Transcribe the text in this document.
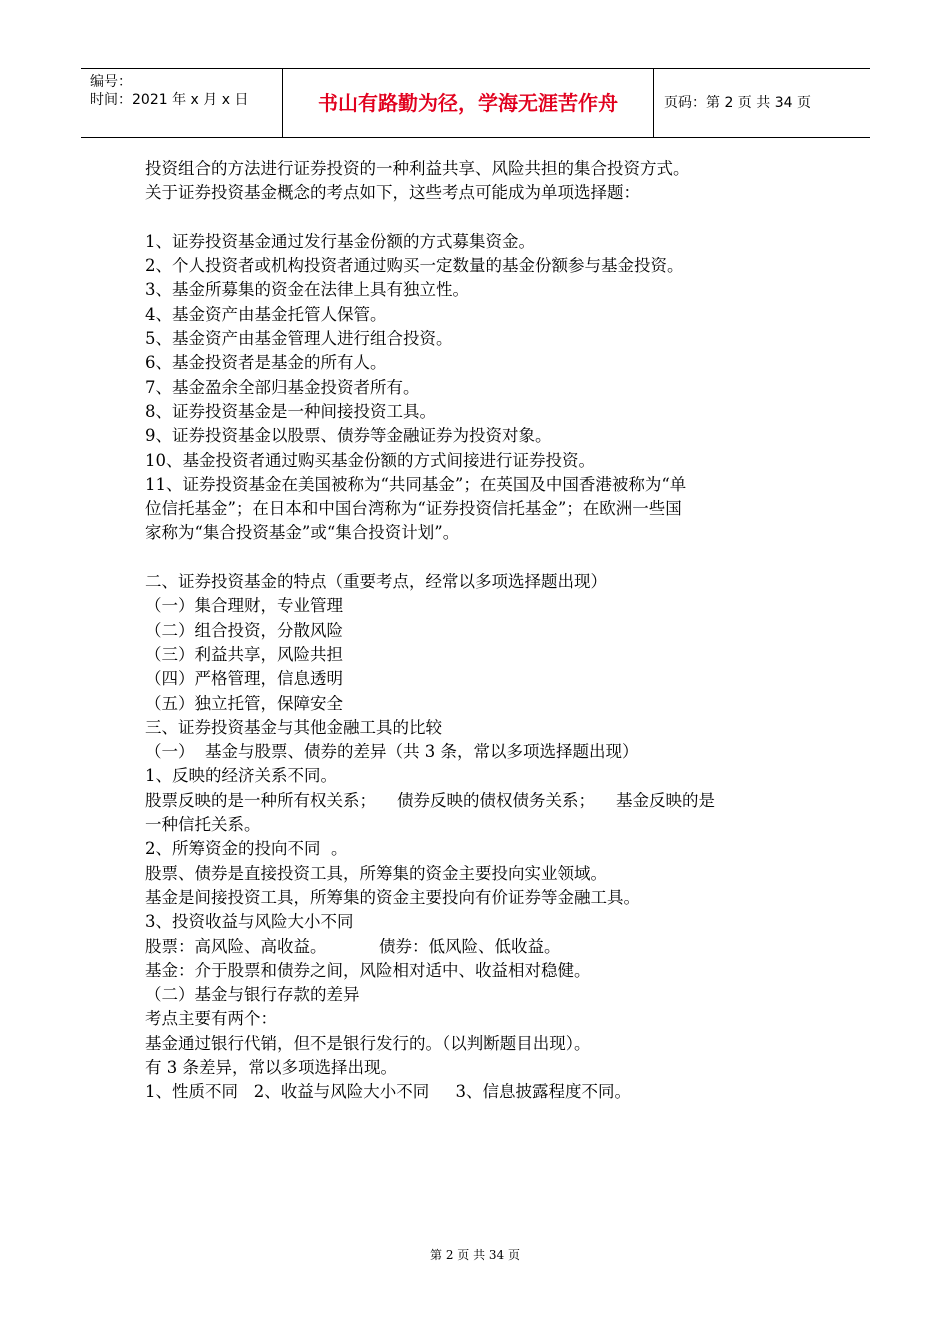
编号：
时间：2021 年 x 月 x 日	书山有路勤为径，学海无涯苦作舟	页码：第 2 页 共 34 页
投资组合的方法进行证券投资的一种利益共享、风险共担的集合投资方式。
关于证券投资基金概念的考点如下，这些考点可能成为单项选择题：
1、证券投资基金通过发行基金份额的方式募集资金。
2、个人投资者或机构投资者通过购买一定数量的基金份额参与基金投资。
3、基金所募集的资金在法律上具有独立性。
4、基金资产由基金托管人保管。
5、基金资产由基金管理人进行组合投资。
6、基金投资者是基金的所有人。
7、基金盈余全部归基金投资者所有。
8、证券投资基金是一种间接投资工具。
9、证券投资基金以股票、债券等金融证券为投资对象。
10、基金投资者通过购买基金份额的方式间接进行证券投资。
11、证券投资基金在美国被称为“共同基金”；在英国及中国香港被称为“单
位信托基金”；在日本和中国台湾称为“证券投资信托基金”；在欧洲一些国
家称为“集合投资基金”或“集合投资计划”。
二、证券投资基金的特点（重要考点，经常以多项选择题出现）
（一）集合理财，专业管理
（二）组合投资，分散风险
（三）利益共享，风险共担
（四）严格管理，信息透明
（五）独立托管，保障安全
三、证券投资基金与其他金融工具的比较
（一）  基金与股票、债券的差异（共 3 条，常以多项选择题出现）
1、反映的经济关系不同。
股票反映的是一种所有权关系；    债券反映的债权债务关系；    基金反映的是
一种信托关系。
2、所筹资金的投向不同  。
股票、债券是直接投资工具，所筹集的资金主要投向实业领域。
基金是间接投资工具，所筹集的资金主要投向有价证券等金融工具。
3、投资收益与风险大小不同
股票：高风险、高收益。          债券：低风险、低收益。
基金：介于股票和债券之间，风险相对适中、收益相对稳健。
（二）基金与银行存款的差异
考点主要有两个：
基金通过银行代销，但不是银行发行的。（以判断题目出现）。
有 3 条差异，常以多项选择出现。
1、性质不同   2、收益与风险大小不同     3、信息披露程度不同。
第 2 页 共 34 页
